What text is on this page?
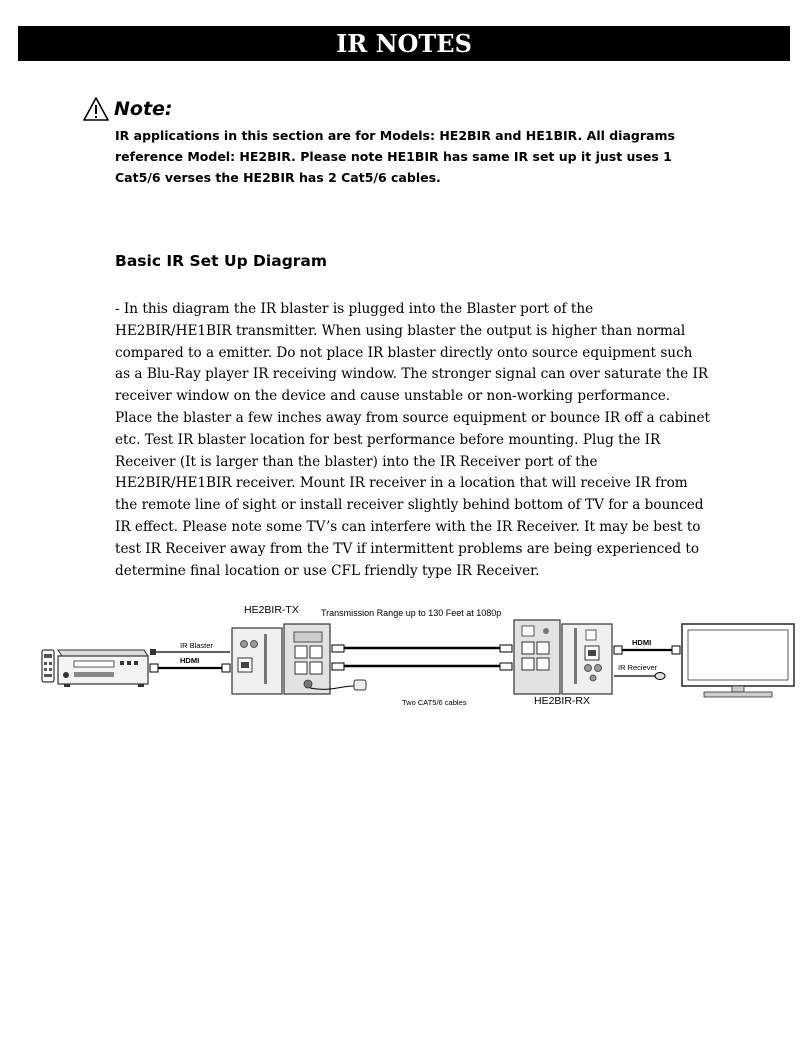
IR NOTES
Note:
IR applications in this section are for Models: HE2BIR and HE1BIR. All diagrams reference Model: HE2BIR. Please note HE1BIR has same IR set up it just uses 1 Cat5/6 verses the HE2BIR has 2 Cat5/6 cables.
Basic IR Set Up Diagram
- In this diagram the IR blaster is plugged into the Blaster port of the HE2BIR/HE1BIR transmitter. When using blaster the output is higher than normal compared to a emitter. Do not place IR blaster directly onto source equipment such as a Blu-Ray player IR receiving window. The stronger signal can over saturate the IR receiver window on the device and cause unstable or non-working performance. Place the blaster a few inches away from source equipment or bounce IR off a cabinet etc. Test IR blaster location for best performance before mounting. Plug the IR Receiver (It is larger than the blaster) into the IR Receiver port of the HE2BIR/HE1BIR receiver. Mount IR receiver in a location that will receive IR from the remote line of sight or install receiver slightly behind bottom of TV for a bounced IR effect. Please note some TV’s can interfere with the IR Receiver. It may be best to test IR Receiver away from the TV if intermittent problems are being experienced to determine final location or use CFL friendly type IR Receiver.
IR Blaster
HDMI
HE2BIR-TX Transmission Range up to 130 Feet at 1080p
Two CAT5/6 cables	HE2BIR-RX
HDMI
IR Reciever
